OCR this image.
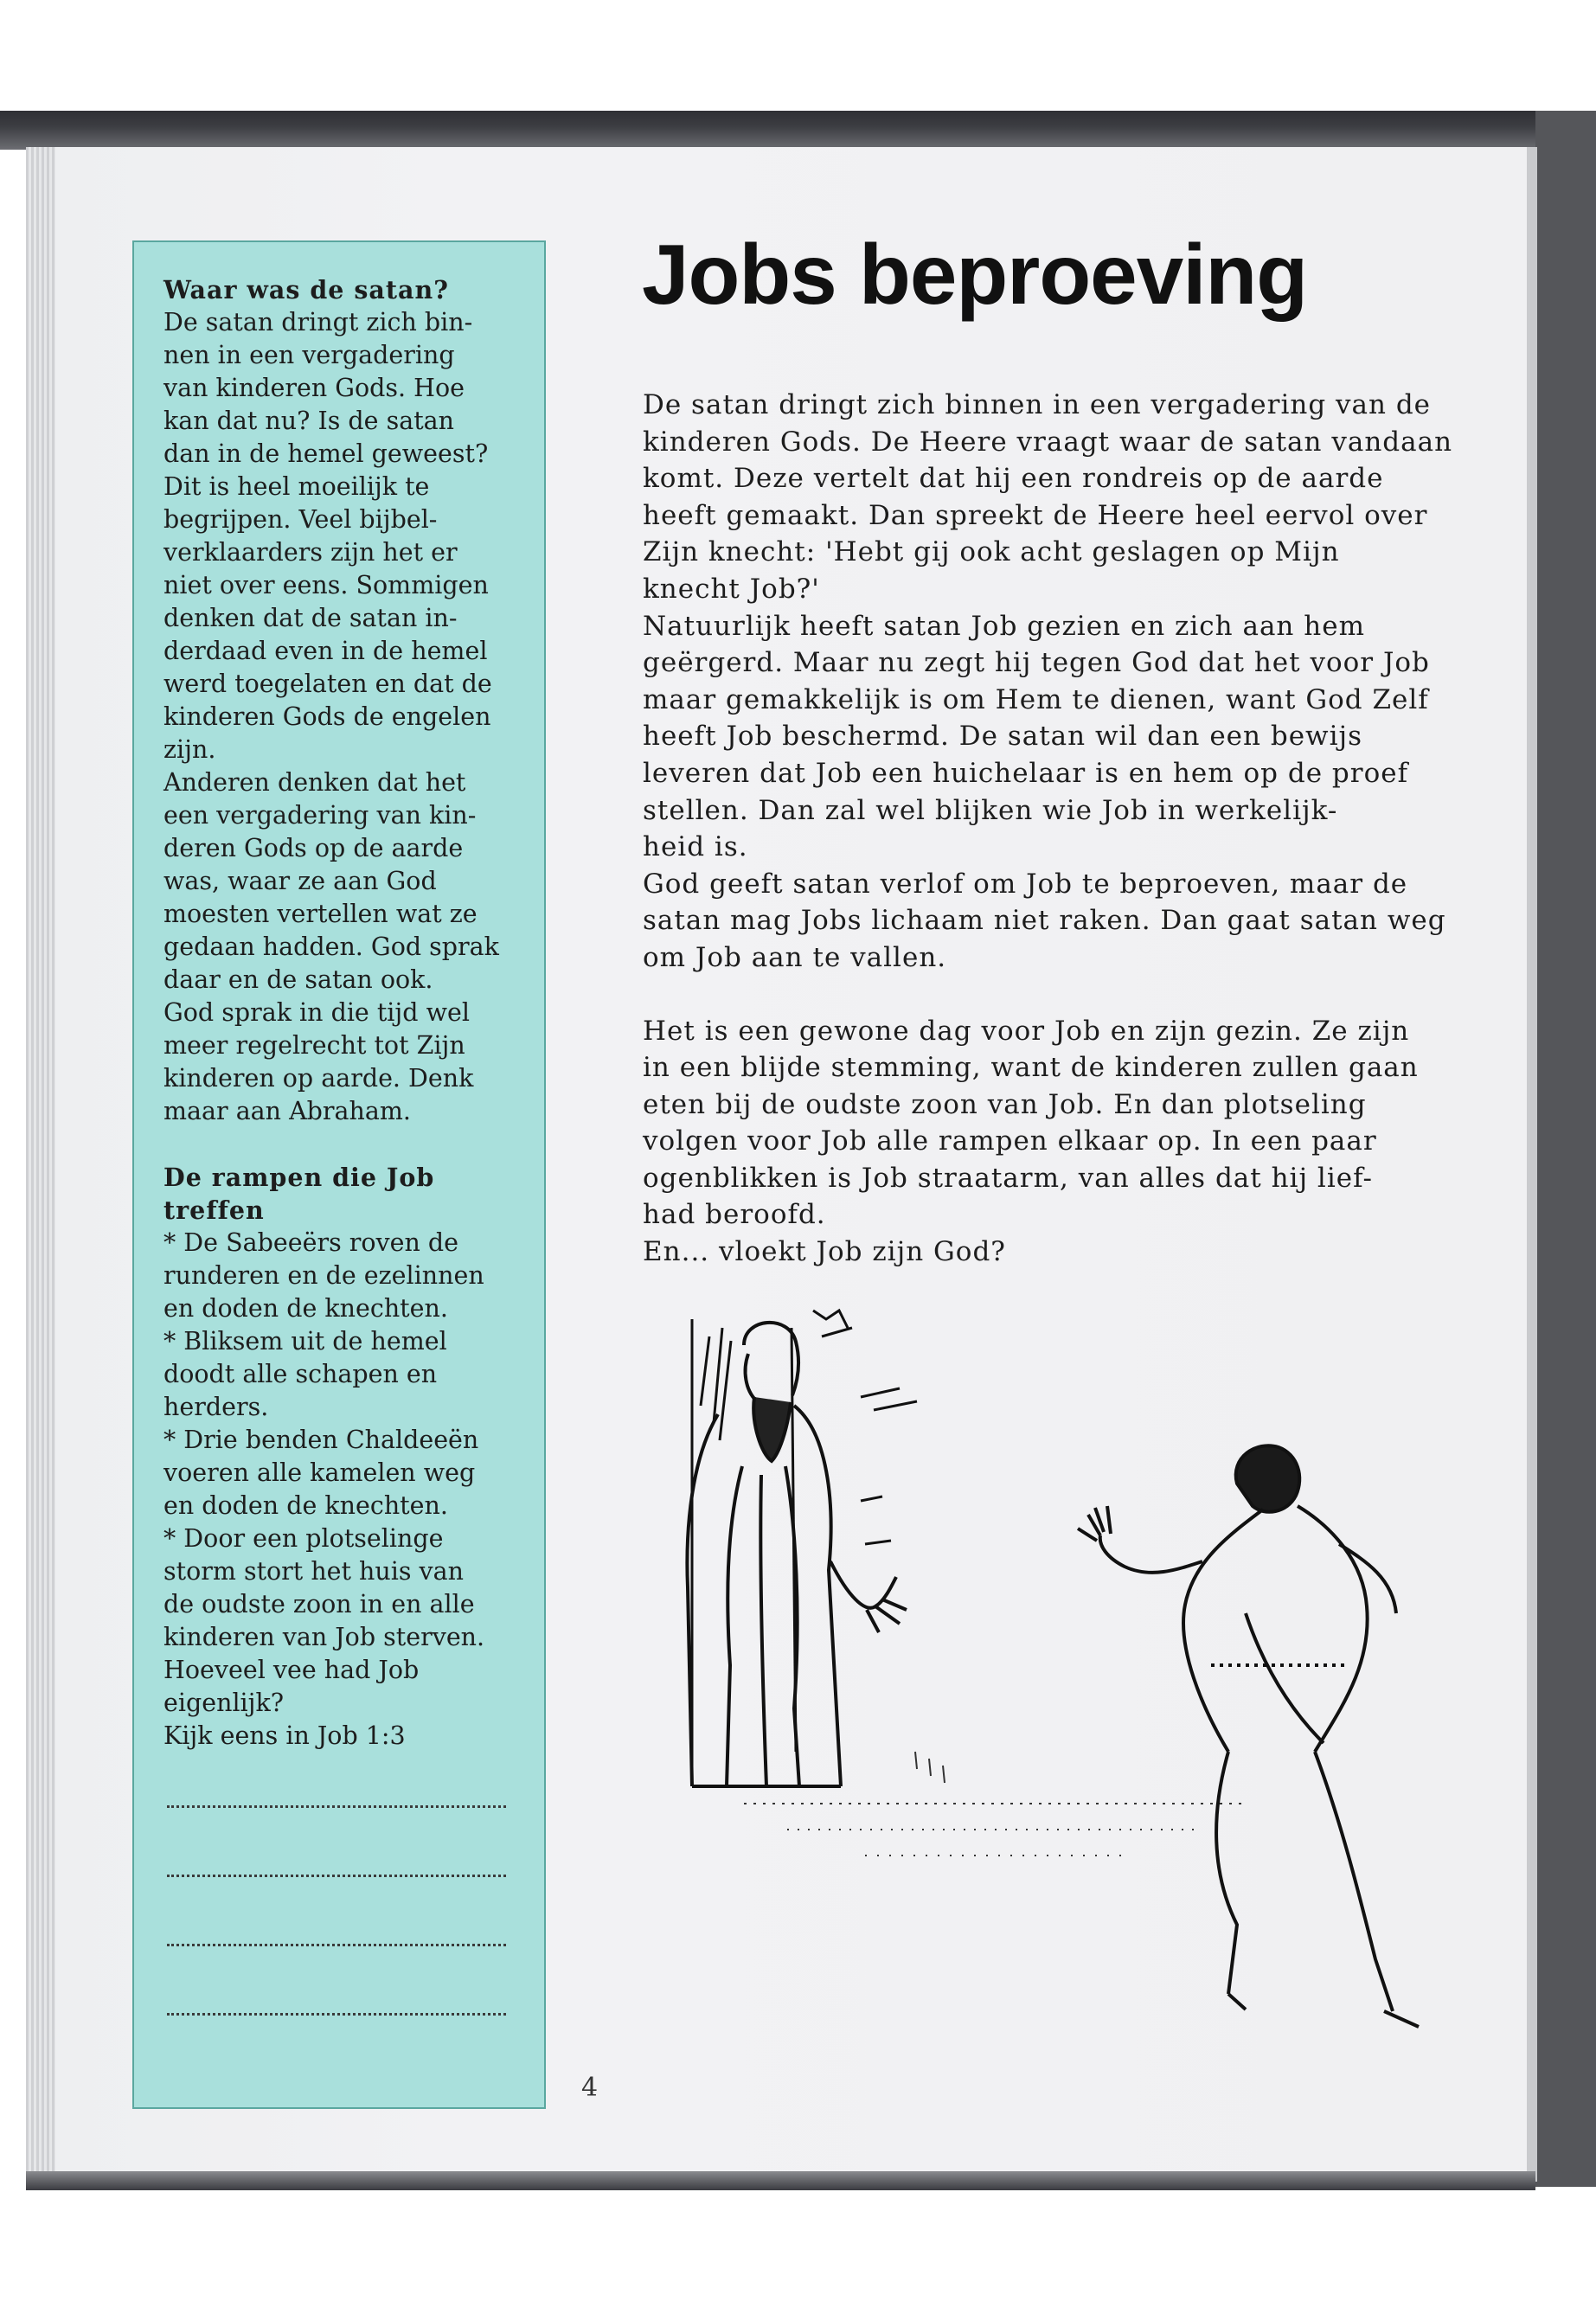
Waar was de satan?

De satan dringt zich bin-

nen in een vergadering

van kinderen Gods. Hoe

kan dat nu? Is de satan

dan in de hemel geweest?

Dit is heel moeilijk te

begrijpen. Veel bijbel-

verklaarders zijn het er

niet over eens. Sommigen

denken dat de satan in-

derdaad even in de hemel

werd toegelaten en dat de

kinderen Gods de engelen

zijn.

Anderen denken dat het

een vergadering van kin-

deren Gods op de aarde

was, waar ze aan God

moesten vertellen wat ze

gedaan hadden. God sprak

daar en de satan ook.

God sprak in die tijd wel

meer regelrecht tot Zijn

kinderen op aarde. Denk

maar aan Abraham.

De rampen die Job treffen

* De Sabeeërs roven de

runderen en de ezelinnen

en doden de knechten.

* Bliksem uit de hemel

doodt alle schapen en

herders.

* Drie benden Chaldeeën

voeren alle kamelen weg

en doden de knechten.

* Door een plotselinge

storm stort het huis van

de oudste zoon in en alle

kinderen van Job sterven.

Hoeveel vee had Job

eigenlijk?

Kijk eens in Job 1:3

Jobs beproeving

De satan dringt zich binnen in een vergadering van de

kinderen Gods. De Heere vraagt waar de satan vandaan

komt. Deze vertelt dat hij een rondreis op de aarde

heeft gemaakt. Dan spreekt de Heere heel eervol over

Zijn knecht: 'Hebt gij ook acht geslagen op Mijn

knecht Job?'

Natuurlijk heeft satan Job gezien en zich aan hem

geërgerd. Maar nu zegt hij tegen God dat het voor Job

maar gemakkelijk is om Hem te dienen, want God Zelf

heeft Job beschermd. De satan wil dan een bewijs

leveren dat Job een huichelaar is en hem op de proef

stellen. Dan zal wel blijken wie Job in werkelijk-

heid is.

God geeft satan verlof om Job te beproeven, maar de

satan mag Jobs lichaam niet raken. Dan gaat satan weg

om Job aan te vallen.

Het is een gewone dag voor Job en zijn gezin. Ze zijn

in een blijde stemming, want de kinderen zullen gaan

eten bij de oudste zoon van Job. En dan plotseling

volgen voor Job alle rampen elkaar op. In een paar

ogenblikken is Job straatarm, van alles dat hij lief-

had beroofd.

En... vloekt Job zijn God?

4
